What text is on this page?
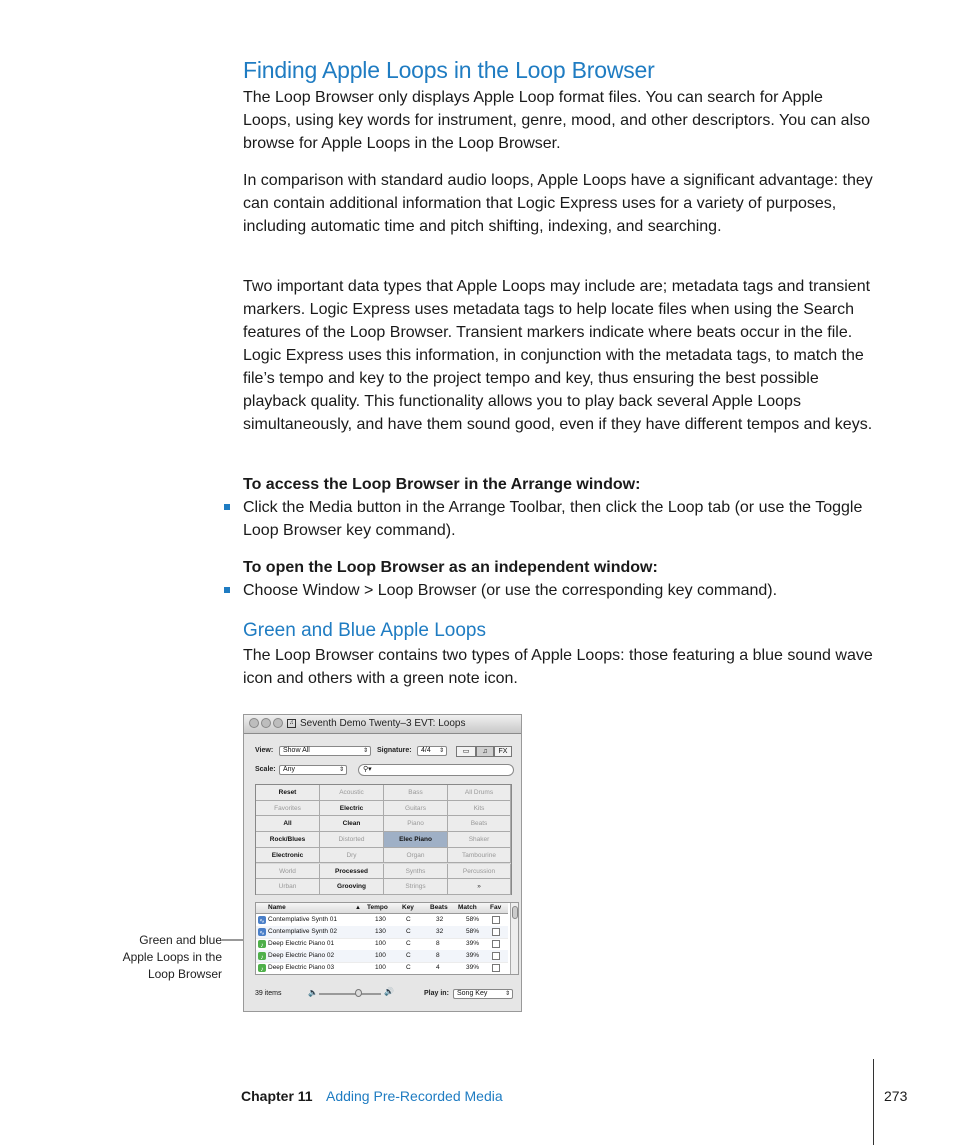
Finding Apple Loops in the Loop Browser

The Loop Browser only displays Apple Loop format files. You can search for Apple Loops, using key words for instrument, genre, mood, and other descriptors. You can also browse for Apple Loops in the Loop Browser.

In comparison with standard audio loops, Apple Loops have a significant advantage: they can contain additional information that Logic Express uses for a variety of purposes, including automatic time and pitch shifting, indexing, and searching.

Two important data types that Apple Loops may include are; metadata tags and transient markers. Logic Express uses metadata tags to help locate files when using the Search features of the Loop Browser. Transient markers indicate where beats occur in the file. Logic Express uses this information, in conjunction with the metadata tags, to match the file’s tempo and key to the project tempo and key, thus ensuring the best possible playback quality. This functionality allows you to play back several Apple Loops simultaneously, and have them sound good, even if they have different tempos and keys.

To access the Loop Browser in the Arrange window:

Click the Media button in the Arrange Toolbar, then click the Loop tab (or use the Toggle Loop Browser key command).

To open the Loop Browser as an independent window:

Choose Window > Loop Browser (or use the corresponding key command).
Green and Blue Apple Loops

The Loop Browser contains two types of Apple Loops: those featuring a blue sound wave icon and others with a green note icon.

Green and blue
Apple Loops in the
Loop Browser
♫ Seventh Demo Twenty–3 EVT: Loops
View:	Show All	⇕ Signature:	4/4 ⇕	▭	♫	FX
Scale:	Any	⇕	⚲▾
Reset	Acoustic	Bass	All Drums
Favorites	Electric	Guitars	Kits
All	Clean	Piano	Beats
Rock/Blues	Distorted	Elec Piano	Shaker
Electronic	Dry	Organ	Tambourine
World	Processed	Synths	Percussion
Urban	Grooving	Strings	»
Name	▲ Tempo Key Beats Match Fav
∿ Contemplative Synth 01	130	C	32	58%
∿ Contemplative Synth 02	130	C	32	58%
♪ Deep Electric Piano 01	100	C	8	39%
♪ Deep Electric Piano 02	100	C	8	39%
♪ Deep Electric Piano 03	100	C	4	39%
39 items	🔈	🔊	Play in:	Song Key	⇕
Chapter 11 Adding Pre-Recorded Media	273
